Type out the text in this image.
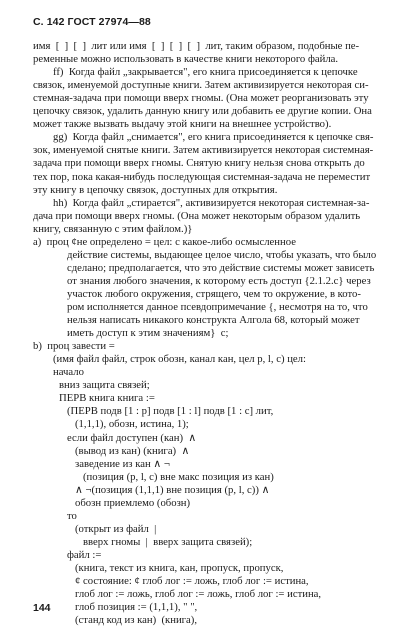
С. 142 ГОСТ 27974—88
имя  [  ]  [  ]  лит или имя  [  ]  [  ]  [  ]  лит, таким образом, подобные пе-
ременные можно использовать в качестве книги некоторого файла.
ff)  Когда файл „закрывается", его книга присоединяется к цепочке
связок, именуемой доступные книги. Затем активизируется некоторая си-
стемная-задача при помощи вверх гномы. (Она может реорганизовать эту
цепочку связок, удалить данную книгу или добавить ее другие копии. Она
может также вызвать выдачу этой книги на внешнее устройство).
gg)  Когда файл „снимается", его книга присоединяется к цепочке свя-
зок, именуемой снятые книги. Затем активизируется некоторая системная-
задача при помощи вверх гномы. Снятую книгу нельзя снова открыть до
тех пор, пока какая-нибудь последующая системная-задача не переместит
эту книгу в цепочку связок, доступных для открытия.
hh)  Когда файл „стирается", активизируется некоторая системная-за-
дача при помощи вверх гномы. (Она может некоторым образом удалить
книгу, связанную с этим файлом.)}
a)  проц ¢не определено = цел: с какое-либо осмысленное
действие системы, выдающее целое число, чтобы указать, что было
сделано; предполагается, что это действие системы может зависеть
от знания любого значения, к которому есть доступ {2.1.2.c} через
участок любого окружения, стрящего, чем то окружение, в кото-
ром исполняется данное псевдопримечание {, несмотря на то, что
нельзя написать никакого конструкта Алгола 68, который может
иметь доступ к этим значениям}  с;
b)  проц завести =
(имя файл файл, строк обозн, канал кан, цел p, l, c) цел:
начало
вниз защита связей;
ПЕРВ книга книга :=
(ПЕРВ подв [1 : p] подв [1 : l] подв [1 : c] лит,
(1,1,1), обозн, истина, 1);
если файл доступен (кан)  ∧
(вывод из кан) (книга)  ∧
заведение из кан ∧ ¬
(позиция (p, l, c) вне макс позиция из кан)
∧ ¬(позиция (1,1,1) вне позиция (p, l, c)) ∧
обозн приемлемо (обозн)
то
(открыт из файл  |
вверх гномы  |  вверх защита связей);
файл :=
(книга, текст из книга, кан, пропуск, пропуск,
¢ состояние: ¢ глоб лог := ложь, глоб лог := истина,
глоб лог := ложь, глоб лог := ложь, глоб лог := истина,
глоб позиция := (1,1,1), " ",
(станд код из кан)  (книга),
144
